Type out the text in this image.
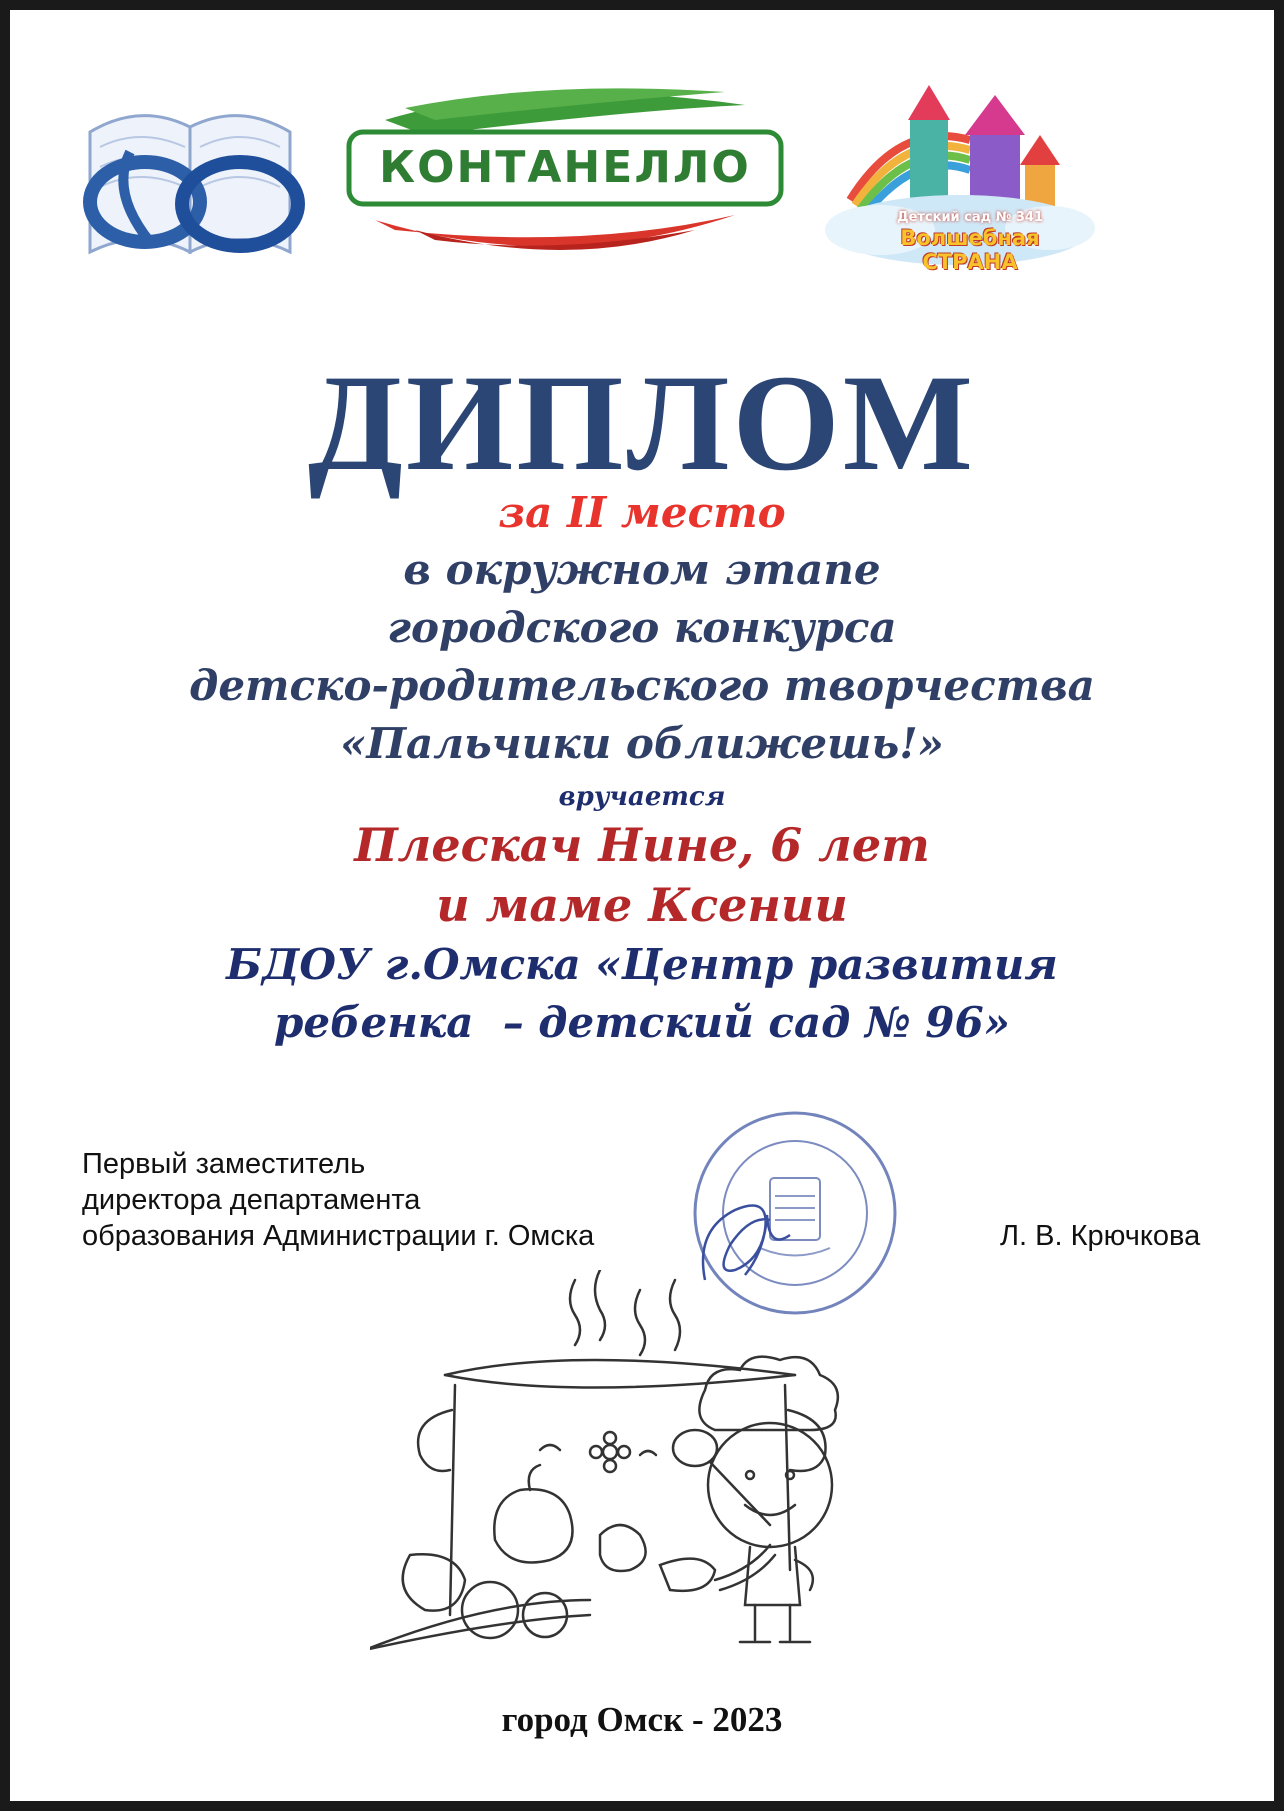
КОНТАНЕЛЛО
Детский сад № 341
Волшебная
СТРАНА
ДИПЛОМ
за II место
в окружном этапе
городского конкурса
детско-родительского творчества
«Пальчики оближешь!»
вручается
Плескач Нине, 6 лет
и маме Ксении
БДОУ г.Омска «Центр развития
ребенка  – детский сад № 96»
Первый заместитель
директора департамента
образования Администрации г. Омска	Л. В. Крючкова
город Омск - 2023
